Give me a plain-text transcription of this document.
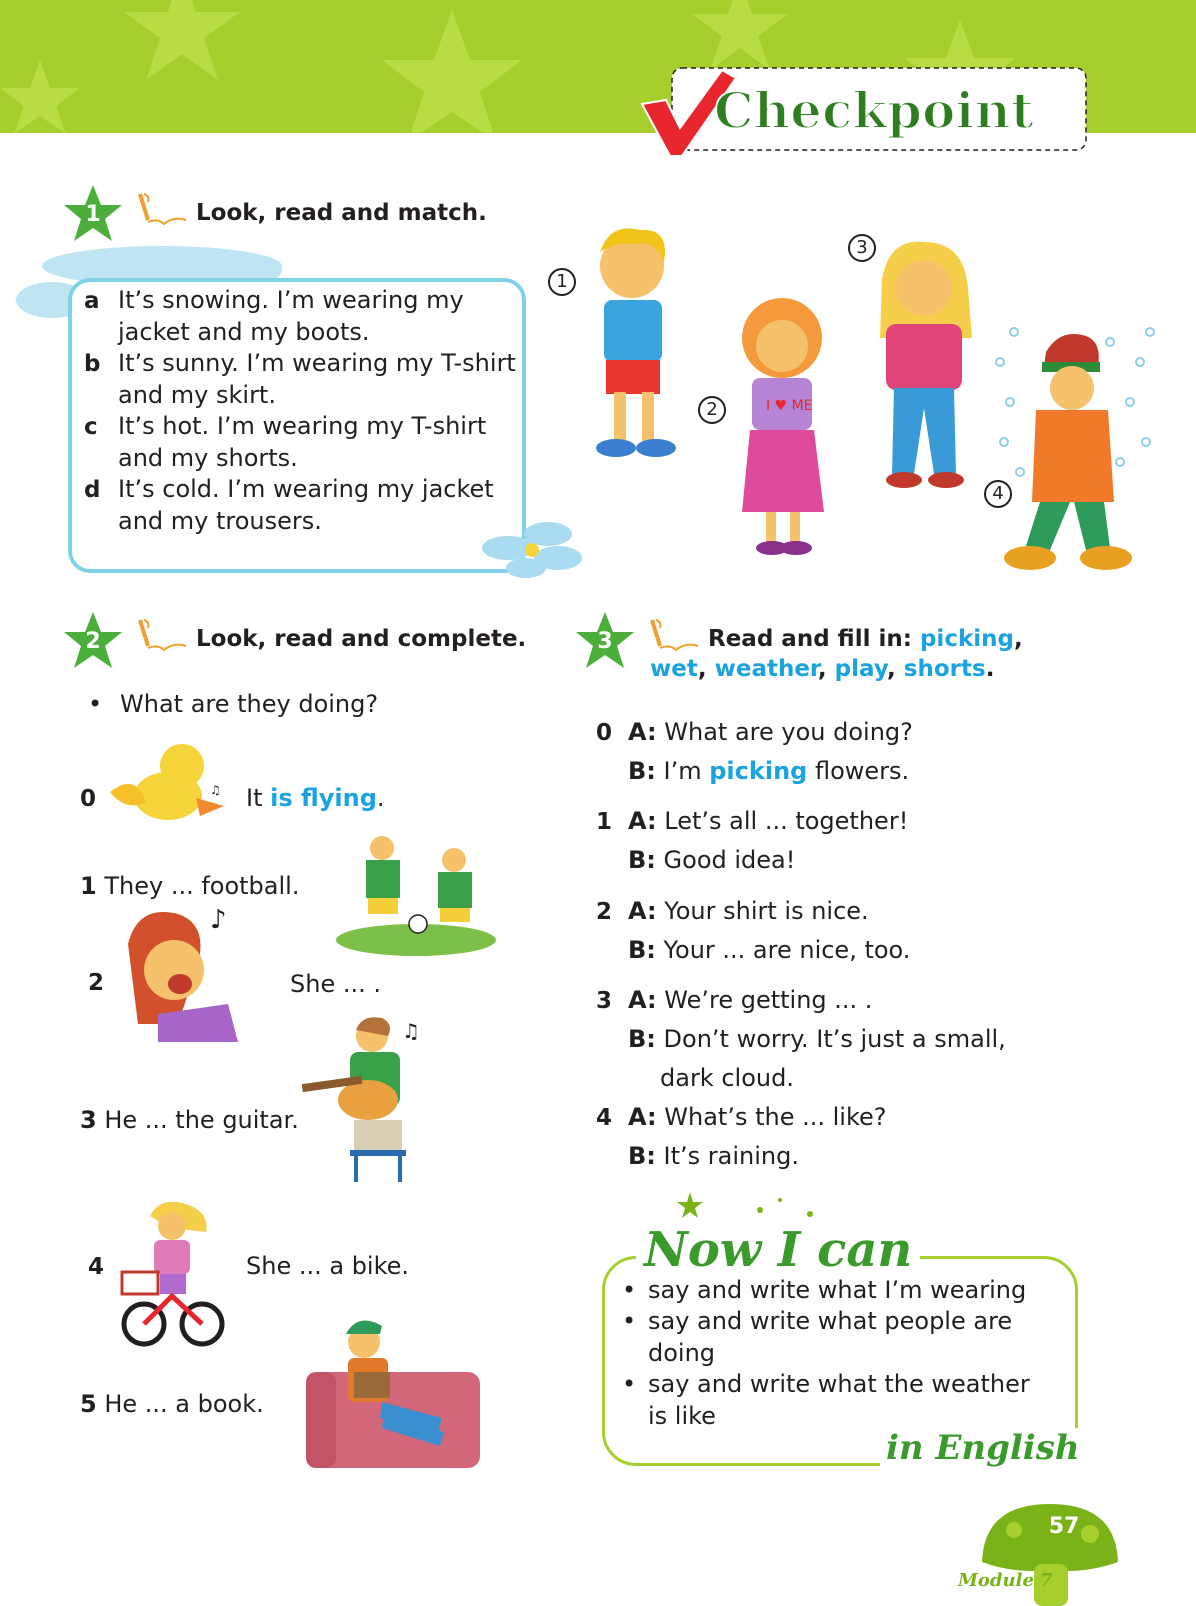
Checkpoint
1	Look, read and match.
a It’s snowing. I’m wearing my jacket and my boots.
b It’s sunny. I’m wearing my T-shirt and my skirt.
c It’s hot. I’m wearing my T-shirt and my shorts.
d It’s cold. I’m wearing my jacket and my trousers.
1
I ♥ ME
2
3
4
2	Look, read and complete.
• What are they doing?
♫
0	It is flying.
1 They ... football.
2
♪
She ... .
♫
3 He ... the guitar.
4	She ... a bike.
5 He ... a book.
3	Read and fill in: picking,
wet, weather, play, shorts.
0 A: What are you doing?
B: I’m picking flowers.
1 A: Let’s all ... together!
B: Good idea!
2 A: Your shirt is nice.
B: Your ... are nice, too.
3 A: We’re getting ... .
B: Don’t worry. It’s just a small,
dark cloud.
4 A: What’s the ... like?
B: It’s raining.
Now I can
• say and write what I’m wearing
• say and write what people are doing
• say and write what the weather is like
in English
57
Module 7
